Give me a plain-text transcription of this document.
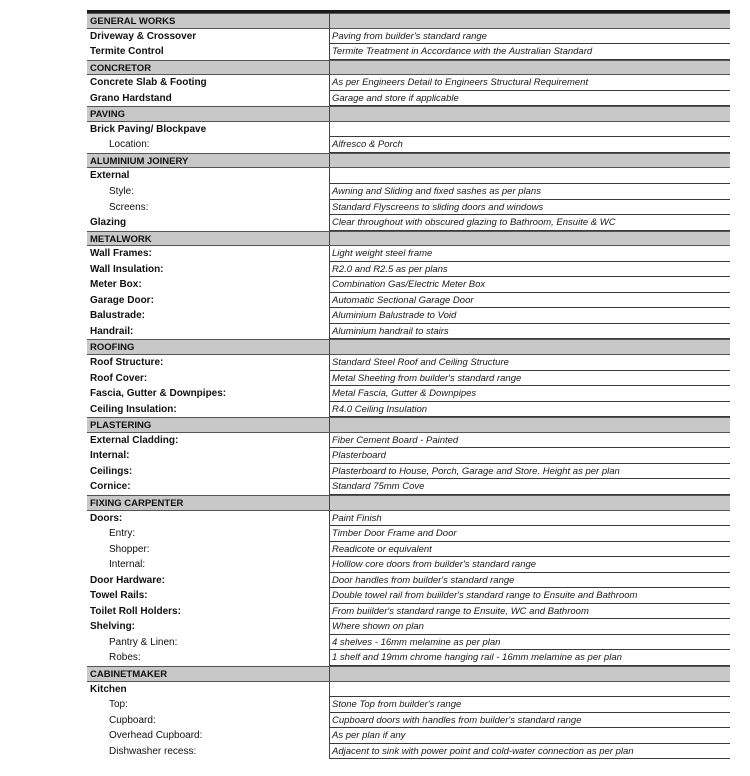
GENERAL WORKS
Driveway & Crossover	Paving from builder's standard range
Termite Control	Termite Treatment in Accordance with the Australian Standard
CONCRETOR
Concrete Slab & Footing	As per Engineers Detail to Engineers Structural Requirement
Grano Hardstand	Garage and store if applicable
PAVING
Brick Paving/ Blockpave
Location:	Alfresco & Porch
ALUMINIUM JOINERY
External
Style:	Awning and Sliding and fixed sashes as per plans
Screens:	Standard Flyscreens to sliding doors and windows
Glazing	Clear throughout with obscured glazing to Bathroom, Ensuite & WC
METALWORK
Wall Frames:	Light weight steel frame
Wall Insulation:	R2.0 and R2.5 as per plans
Meter Box:	Combination Gas/Electric Meter Box
Garage Door:	Automatic Sectional Garage Door
Balustrade:	Aluminium Balustrade to Void
Handrail:	Aluminium handrail to stairs
ROOFING
Roof Structure:	Standard Steel Roof and Ceiling Structure
Roof Cover:	Metal Sheeting from builder's standard range
Fascia, Gutter & Downpipes:	Metal Fascia, Gutter & Downpipes
Ceiling Insulation:	R4.0 Ceiling Insulation
PLASTERING
External Cladding:	Fiber Cement Board - Painted
Internal:	Plasterboard
Ceilings:	Plasterboard to House, Porch, Garage and Store. Height as per plan
Cornice:	Standard 75mm Cove
FIXING CARPENTER
Doors:	Paint Finish
Entry:	Timber Door Frame and Door
Shopper:	Readicote or equivalent
Internal:	Holllow core doors from builder's standard range
Door Hardware:	Door handles from builder's standard range
Towel Rails:	Double towel rail from buiilder's standard range to Ensuite and Bathroom
Toilet Roll Holders:	From buiilder's standard range to Ensuite, WC and Bathroom
Shelving:	Where shown on plan
Pantry & Linen:	4 shelves - 16mm melamine as per plan
Robes:	1 shelf and 19mm chrome hanging rail - 16mm melamine as per plan
CABINETMAKER
Kitchen
Top:	Stone Top from builder's range
Cupboard:	Cupboard doors with handles from builder's standard range
Overhead Cupboard:	As per plan if any
Dishwasher recess:	Adjacent to sink with power point and cold-water connection as per plan
